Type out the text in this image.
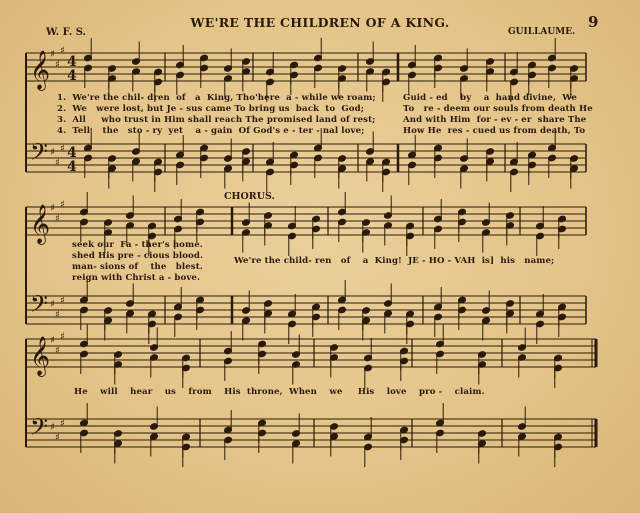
W. F. S.
WE'RE THE CHILDREN OF A KING.
GUILLAUME.
9
𝄞
𝄢
♯
♯
♯
♯
♯
♯
4
4
4
4
𝄞
𝄢
♯
♯
♯
♯
♯
♯
𝄞
𝄢
♯
♯
♯
♯
♯
♯
1.  We're the chil- dren  of   a  King, Tho'here  a - while we roam;
2.  We   were lost, but Je - sus came To bring us  back  to  God;
3.  All     who trust in Him shall reach The promised land of rest;
4.  Tell    the   sto - ry  yet    a - gain  Of God's e - ter - nal love;
Guid - ed    by    a  hand divine,  We
To   re - deem our souls from death He
And with Him  for - ev - er  share The
How He  res - cued us from death, To
CHORUS.
seek our  Fa - ther's home.
shed His pre - cious blood.
man- sions of    the   blest.
reign with Christ a - bove.
We're the child- ren   of    a  King!  JE - HO - VAH  is]  his   name;
He    will    hear    us    from    His  throne,  When    we     His    love    pro -    claim.
